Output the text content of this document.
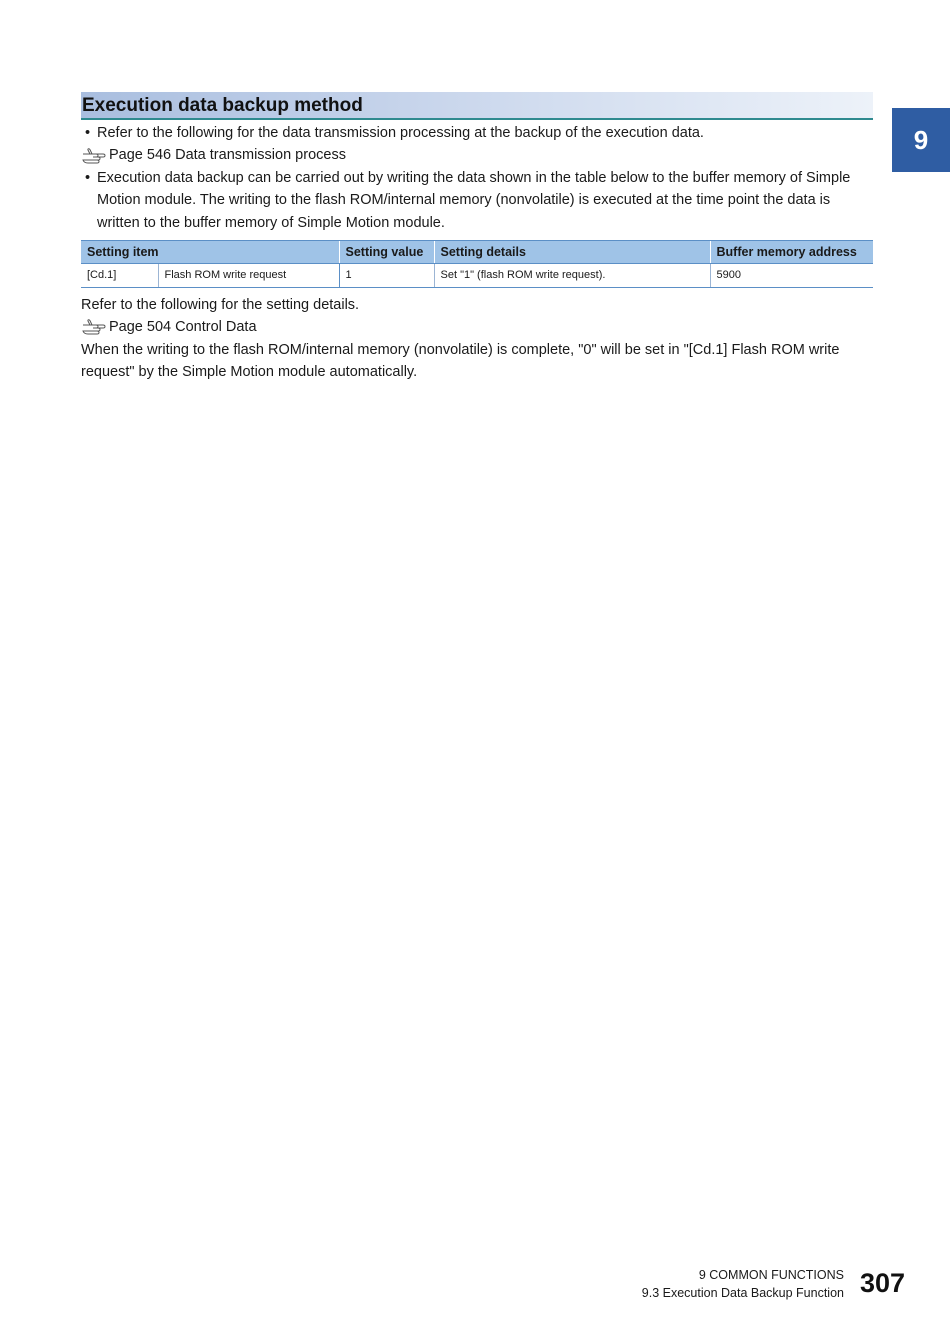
9
Execution data backup method
• Refer to the following for the data transmission processing at the backup of the execution data.
Page 546 Data transmission process
• Execution data backup can be carried out by writing the data shown in the table below to the buffer memory of Simple Motion module. The writing to the flash ROM/internal memory (nonvolatile) is executed at the time point the data is written to the buffer memory of Simple Motion module.
Setting item		Setting value	Setting details	Buffer memory address
[Cd.1]	Flash ROM write request	1	Set "1" (flash ROM write request).	5900
Refer to the following for the setting details.
Page 504 Control Data
When the writing to the flash ROM/internal memory (nonvolatile) is complete, "0" will be set in "[Cd.1] Flash ROM write request" by the Simple Motion module automatically.
9 COMMON FUNCTIONS
9.3 Execution Data Backup Function 307
